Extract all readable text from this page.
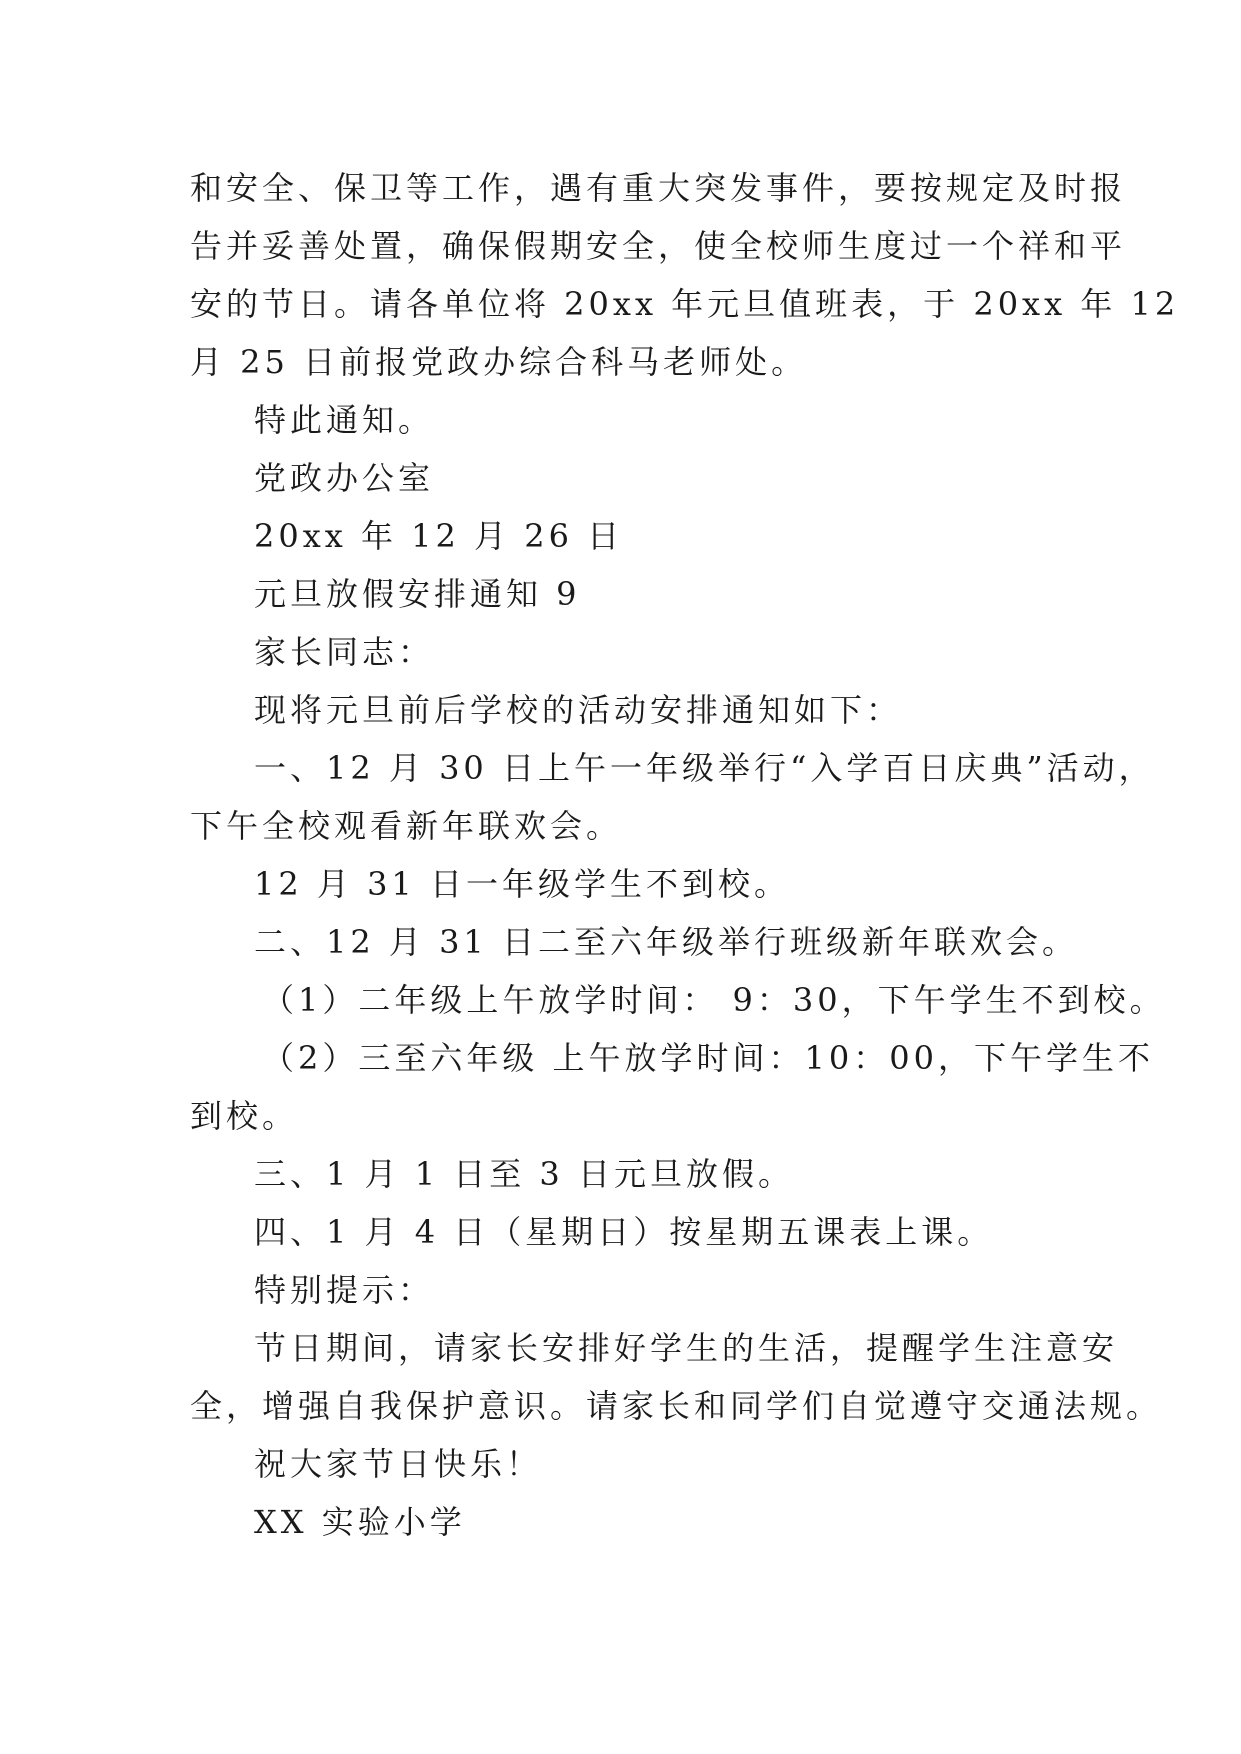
和安全、保卫等工作，遇有重大突发事件，要按规定及时报
告并妥善处置，确保假期安全，使全校师生度过一个祥和平
安的节日。请各单位将 20xx 年元旦值班表，于 20xx 年 12
月 25 日前报党政办综合科马老师处。
特此通知。
党政办公室
20xx 年 12 月 26 日
元旦放假安排通知 9
家长同志：
现将元旦前后学校的活动安排通知如下：
一、12 月 30 日上午一年级举行“入学百日庆典”活动，
下午全校观看新年联欢会。
12 月 31 日一年级学生不到校。
二、12 月 31 日二至六年级举行班级新年联欢会。
（1）二年级上午放学时间： 9：30，下午学生不到校。
（2）三至六年级 上午放学时间：10：00，下午学生不
到校。
三、1 月 1 日至 3 日元旦放假。
四、1 月 4 日（星期日）按星期五课表上课。
特别提示：
节日期间，请家长安排好学生的生活，提醒学生注意安
全，增强自我保护意识。请家长和同学们自觉遵守交通法规。
祝大家节日快乐！
XX 实验小学
